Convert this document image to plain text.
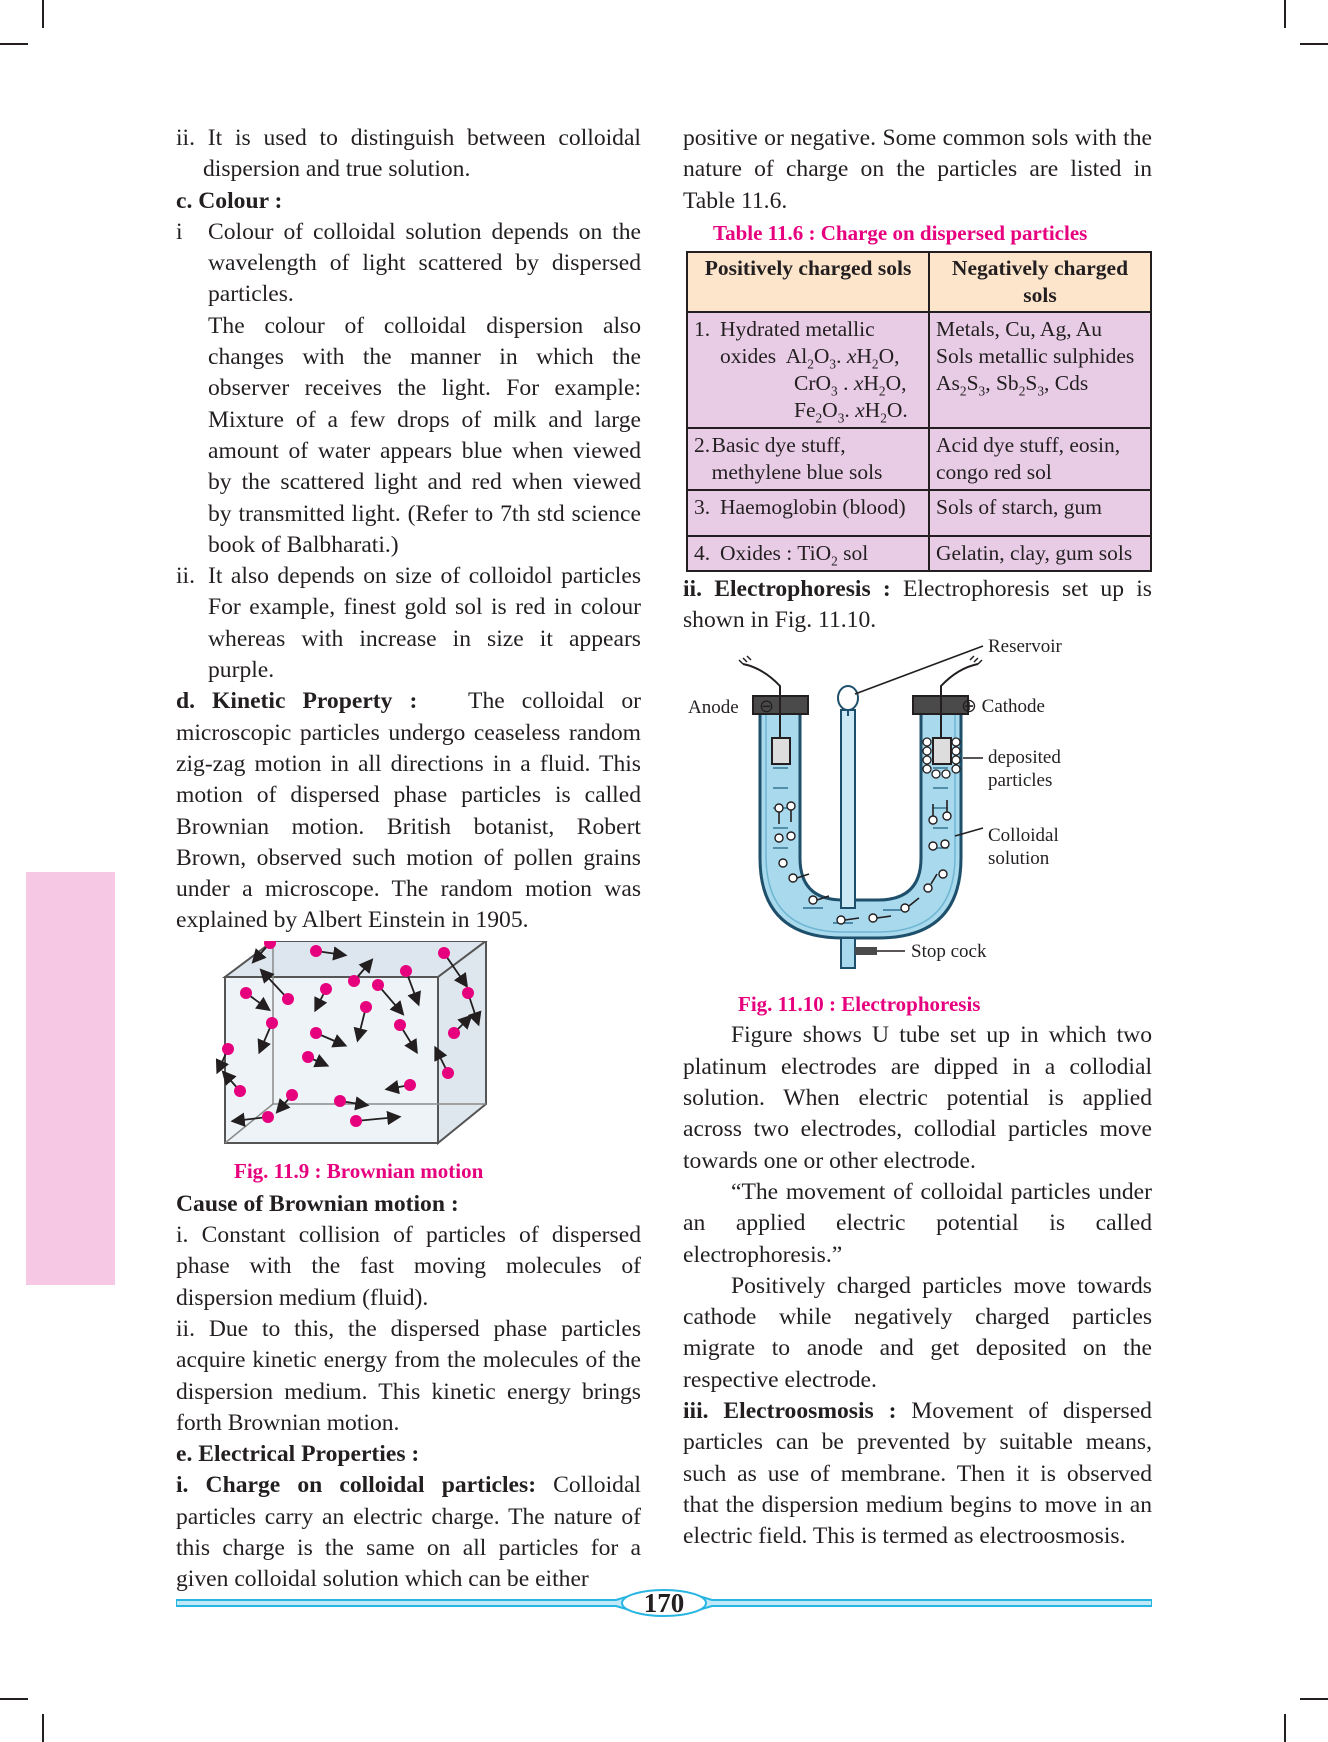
ii. It is used to distinguish between colloidal dispersion and true solution.

c. Colour :

i	Colour of colloidal solution depends on the wavelength of light scattered by dispersed particles.

The colour of colloidal dispersion also changes with the manner in which the observer receives the light. For example: Mixture of a few drops of milk and large amount of water appears blue when viewed by the scattered light and red when viewed by transmitted light. (Refer to 7th std science book of Balbharati.)

ii. It also depends on size of colloidol particles For example, finest gold sol is red in colour whereas with increase in size it appears purple.

d. Kinetic Property : The colloidal or microscopic particles undergo ceaseless random zig-zag motion in all directions in a fluid. This motion of dispersed phase particles is called Brownian motion. British botanist, Robert Brown, observed such motion of pollen grains under a microscope. The random motion was explained by Albert Einstein in 1905.

Fig. 11.9 : Brownian motion

Cause of Brownian motion :

i. Constant collision of particles of dispersed phase with the fast moving molecules of dispersion medium (fluid).

ii. Due to this, the dispersed phase particles acquire kinetic energy from the molecules of the dispersion medium. This kinetic energy brings forth Brownian motion.

e. Electrical Properties :

i. Charge on colloidal particles: Colloidal particles carry an electric charge. The nature of this charge is the same on all particles for a given colloidal solution which can be either

positive or negative. Some common sols with the nature of charge on the particles are listed in Table 11.6.

Table 11.6 : Charge on dispersed particles

Positively charged sols	Negatively charged sols

1. Hydrated metallic
oxides  $Al_2O_3$. $xH_2O$,
CrO$_3$ . $xH_2O$,
$Fe_2O_3$. $xH_2O$.	Metals, Cu, Ag, Au Sols metallic sulphides $As_2S_3$, $Sb_2S_3$, Cds

2. Basic dye stuff, methylene blue sols	Acid dye stuff, eosin, congo red sol
3. Haemoglobin (blood)	Sols of starch, gum
4. Oxides : TiO$_2$ sol	Gelatin, clay, gum sols

ii. Electrophoresis : Electrophoresis set up is shown in Fig. 11.10.

Reservoir
Anode ⊖	⊕ Cathode
deposited
particles
Colloidal
solution
Stop cock

Fig. 11.10 : Electrophoresis

Figure shows U tube set up in which two platinum electrodes are dipped in a collodial solution. When electric potential is applied across two electrodes, collodial particles move towards one or other electrode.

“The movement of colloidal particles under an applied electric potential is called electrophoresis.”

Positively charged particles move towards cathode while negatively charged particles migrate to anode and get deposited on the respective electrode.

iii. Electroosmosis : Movement of dispersed particles can be prevented by suitable means, such as use of membrane. Then it is observed that the dispersion medium begins to move in an electric field. This is termed as electroosmosis.

170
